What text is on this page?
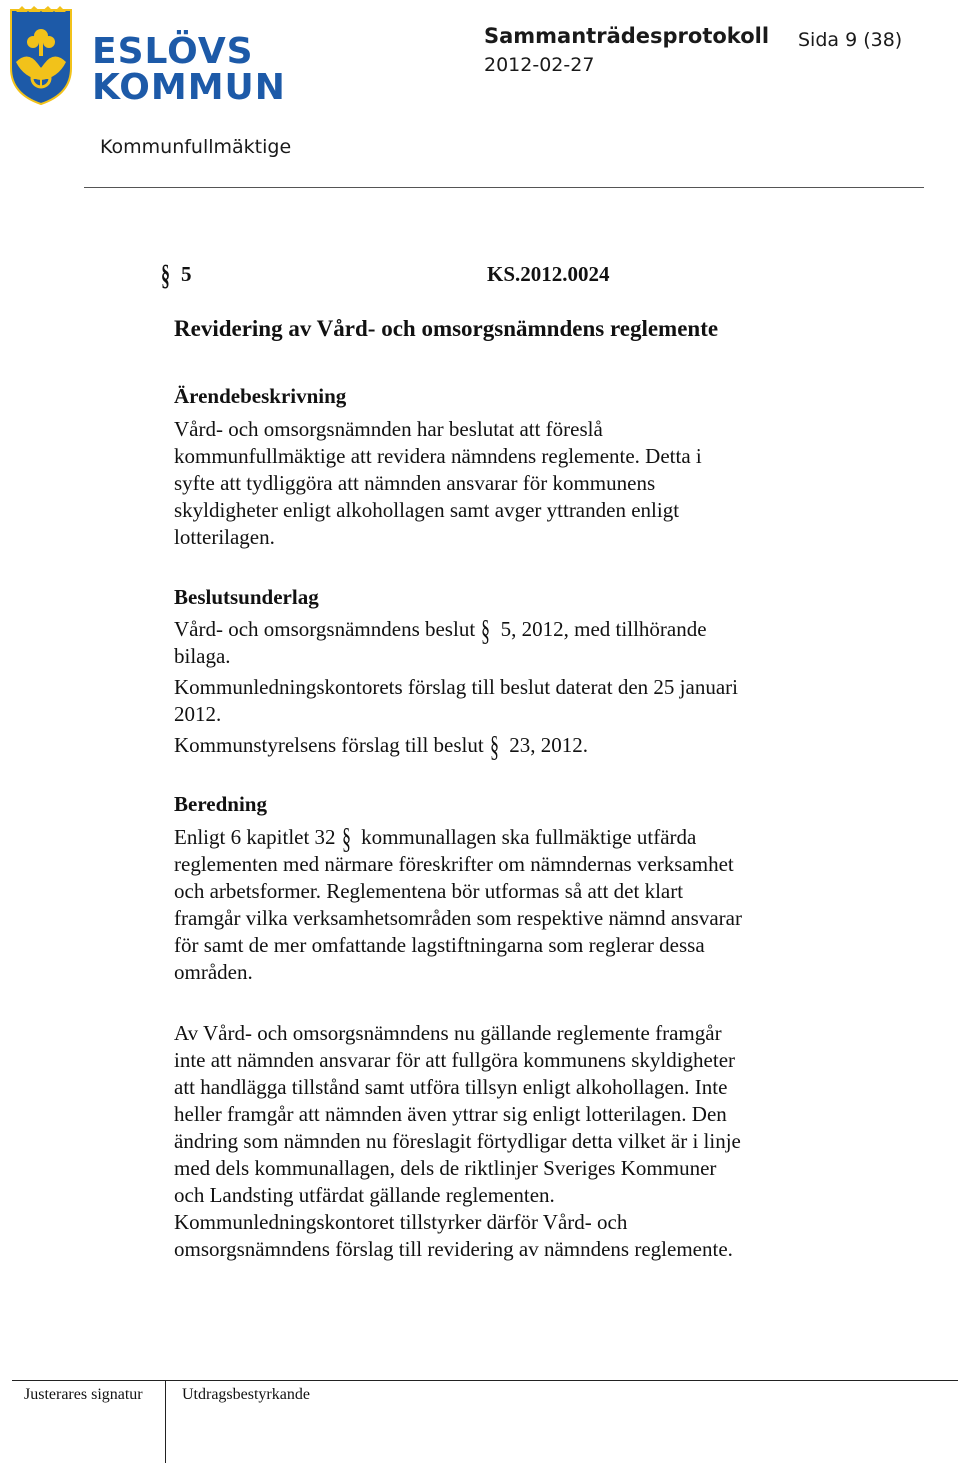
ESLÖVS
KOMMUN
Sammanträdesprotokoll Sida 9 (38)
2012-02-27
Kommunfullmäktige
§ 5	KS.2012.0024
Revidering av Vård- och omsorgsnämndens reglemente
Ärendebeskrivning

Vård- och omsorgsnämnden har beslutat att föreslå

kommunfullmäktige att revidera nämndens reglemente. Detta i

syfte att tydliggöra att nämnden ansvarar för kommunens

skyldigheter enligt alkohollagen samt avger yttranden enligt

lotterilagen.

Beslutsunderlag

Vård- och omsorgsnämndens beslut § 5, 2012, med tillhörande

bilaga.

Kommunledningskontorets förslag till beslut daterat den 25 januari

2012.

Kommunstyrelsens förslag till beslut § 23, 2012.

Beredning

Enligt 6 kapitlet 32 § kommunallagen ska fullmäktige utfärda

reglementen med närmare föreskrifter om nämndernas verksamhet

och arbetsformer. Reglementena bör utformas så att det klart

framgår vilka verksamhetsområden som respektive nämnd ansvarar

för samt de mer omfattande lagstiftningarna som reglerar dessa

områden.

Av Vård- och omsorgsnämndens nu gällande reglemente framgår

inte att nämnden ansvarar för att fullgöra kommunens skyldigheter

att handlägga tillstånd samt utföra tillsyn enligt alkohollagen. Inte

heller framgår att nämnden även yttrar sig enligt lotterilagen. Den

ändring som nämnden nu föreslagit förtydligar detta vilket är i linje

med dels kommunallagen, dels de riktlinjer Sveriges Kommuner

och Landsting utfärdat gällande reglementen.

Kommunledningskontoret tillstyrker därför Vård- och

omsorgsnämndens förslag till revidering av nämndens reglemente.

Justerares signatur Utdragsbestyrkande
